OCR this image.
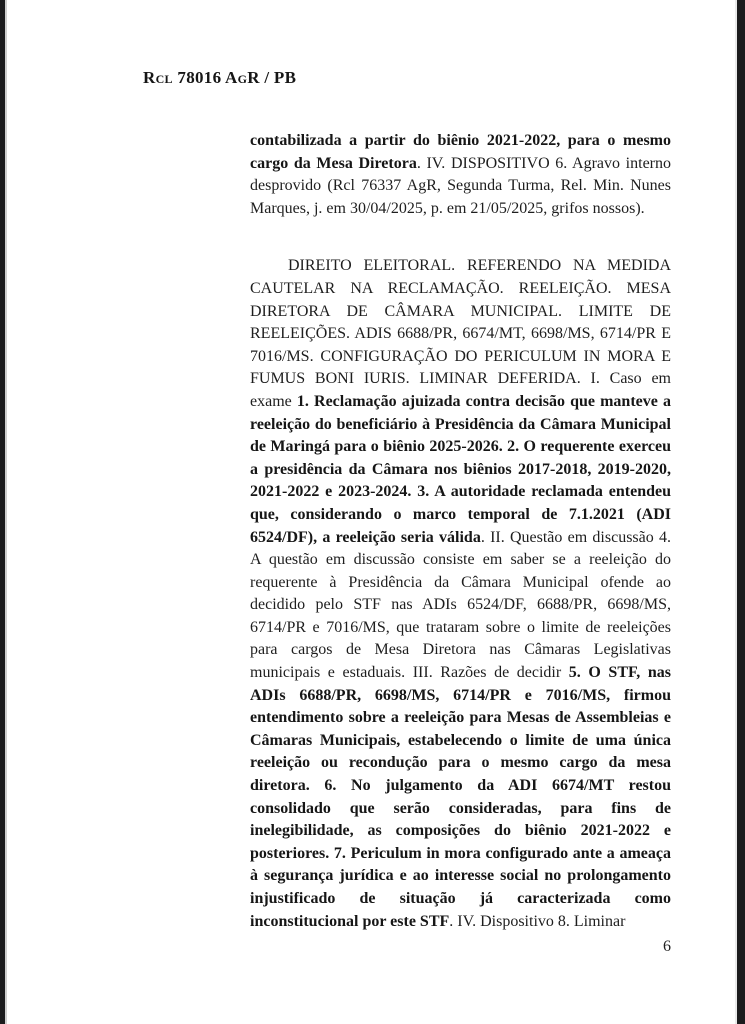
Rcl 78016 AgR / PB

contabilizada a partir do biênio 2021-2022, para o mesmo cargo da Mesa Diretora. IV. DISPOSITIVO 6. Agravo interno desprovido (Rcl 76337 AgR, Segunda Turma, Rel. Min. Nunes Marques, j. em 30/04/2025, p. em 21/05/2025, grifos nossos).

DIREITO ELEITORAL. REFERENDO NA MEDIDA CAUTELAR NA RECLAMAÇÃO. REELEIÇÃO. MESA DIRETORA DE CÂMARA MUNICIPAL. LIMITE DE REELEIÇÕES. ADIS 6688/PR, 6674/MT, 6698/MS, 6714/PR E 7016/MS. CONFIGURAÇÃO DO PERICULUM IN MORA E FUMUS BONI IURIS. LIMINAR DEFERIDA. I. Caso em exame 1. Reclamação ajuizada contra decisão que manteve a reeleição do beneficiário à Presidência da Câmara Municipal de Maringá para o biênio 2025-2026. 2. O requerente exerceu a presidência da Câmara nos biênios 2017-2018, 2019-2020, 2021-2022 e 2023-2024. 3. A autoridade reclamada entendeu que, considerando o marco temporal de 7.1.2021 (ADI 6524/DF), a reeleição seria válida. II. Questão em discussão 4. A questão em discussão consiste em saber se a reeleição do requerente à Presidência da Câmara Municipal ofende ao decidido pelo STF nas ADIs 6524/DF, 6688/PR, 6698/MS, 6714/PR e 7016/MS, que trataram sobre o limite de reeleições para cargos de Mesa Diretora nas Câmaras Legislativas municipais e estaduais. III. Razões de decidir 5. O STF, nas ADIs 6688/PR, 6698/MS, 6714/PR e 7016/MS, firmou entendimento sobre a reeleição para Mesas de Assembleias e Câmaras Municipais, estabelecendo o limite de uma única reeleição ou recondução para o mesmo cargo da mesa diretora. 6. No julgamento da ADI 6674/MT restou consolidado que serão consideradas, para fins de inelegibilidade, as composições do biênio 2021-2022 e posteriores. 7. Periculum in mora configurado ante a ameaça à segurança jurídica e ao interesse social no prolongamento injustificado de situação já caracterizada como inconstitucional por este STF. IV. Dispositivo 8. Liminar

6
